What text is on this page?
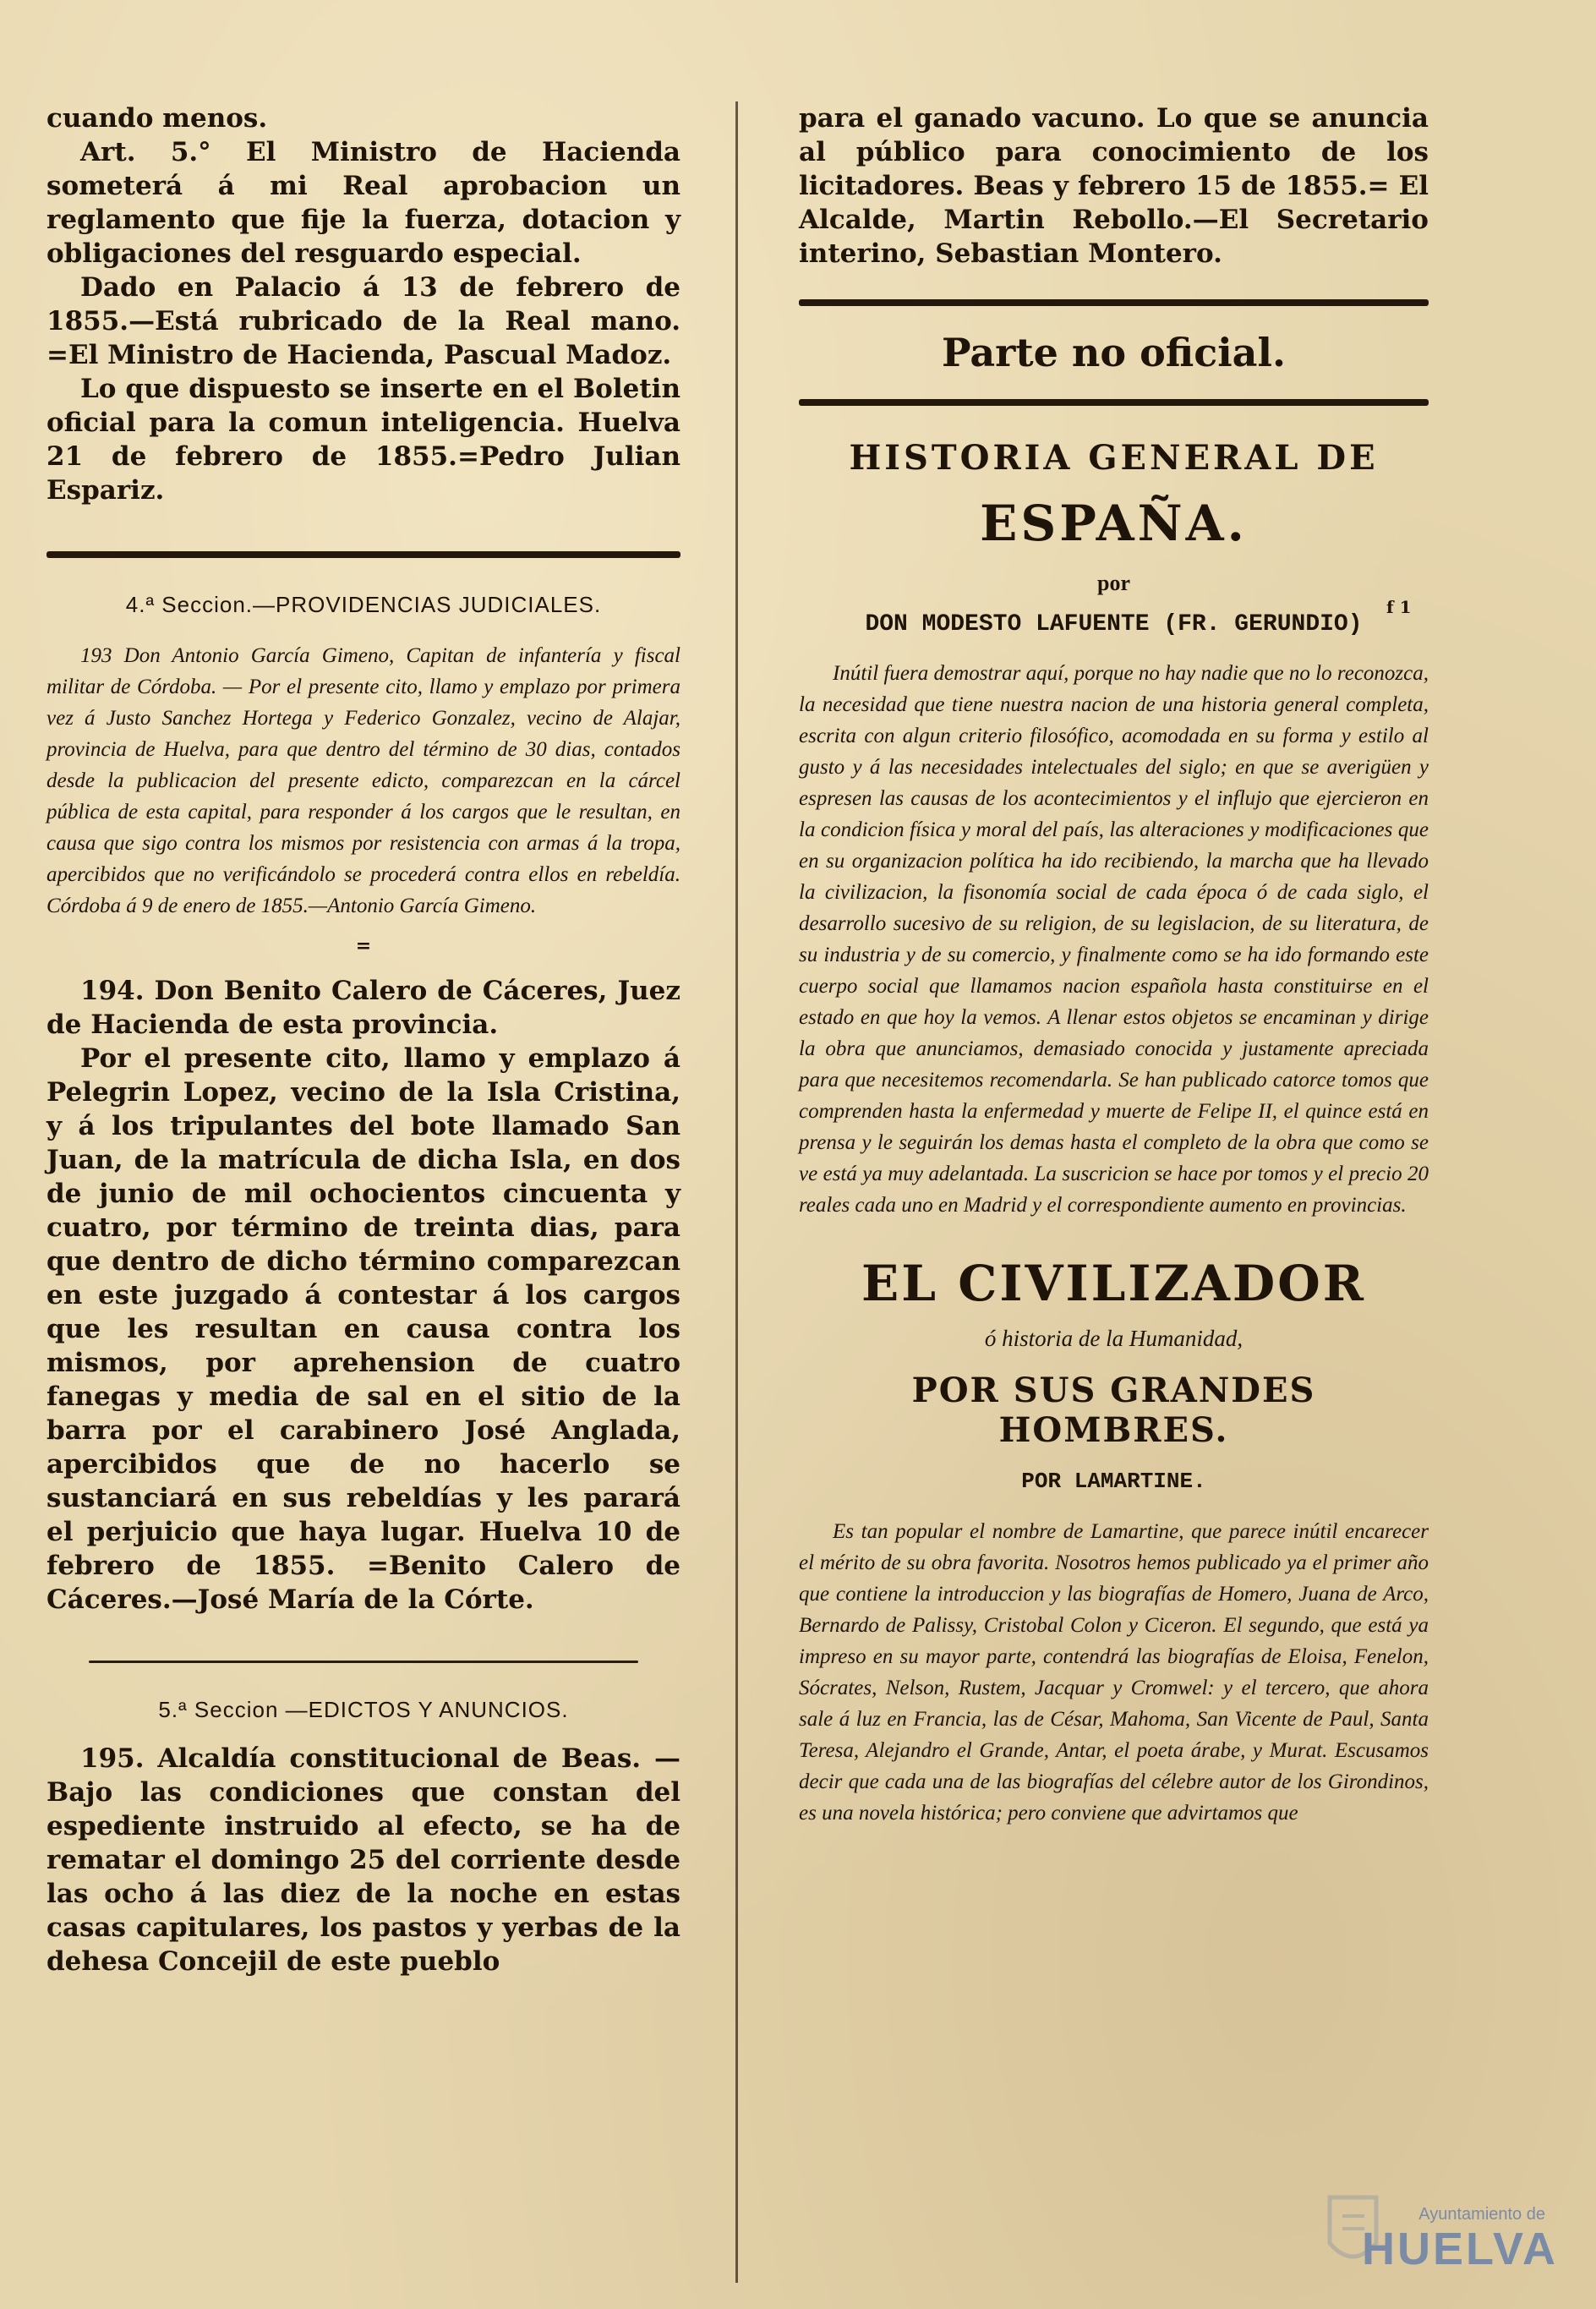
cuando menos.

Art. 5.° El Ministro de Hacienda someterá á mi Real aprobacion un reglamento que fije la fuerza, dotacion y obligaciones del resguardo especial.

Dado en Palacio á 13 de febrero de 1855.—Está rubricado de la Real mano. =El Ministro de Hacienda, Pascual Madoz.

Lo que dispuesto se inserte en el Boletin oficial para la comun inteligencia. Huelva 21 de febrero de 1855.=Pedro Julian Espariz.

4.ª Seccion.—PROVIDENCIAS JUDICIALES.

193 Don Antonio García Gimeno, Capitan de infantería y fiscal militar de Córdoba. — Por el presente cito, llamo y emplazo por primera vez á Justo Sanchez Hortega y Federico Gonzalez, vecino de Alajar, provincia de Huelva, para que dentro del término de 30 dias, contados desde la publicacion del presente edicto, comparezcan en la cárcel pública de esta capital, para responder á los cargos que le resultan, en causa que sigo contra los mismos por resistencia con armas á la tropa, apercibidos que no verificándolo se procederá contra ellos en rebeldía. Córdoba á 9 de enero de 1855.—Antonio García Gimeno.

=

194. Don Benito Calero de Cáceres, Juez de Hacienda de esta provincia.

Por el presente cito, llamo y emplazo á Pelegrin Lopez, vecino de la Isla Cristina, y á los tripulantes del bote llamado San Juan, de la matrícula de dicha Isla, en dos de junio de mil ochocientos cincuenta y cuatro, por término de treinta dias, para que dentro de dicho término comparezcan en este juzgado á contestar á los cargos que les resultan en causa contra los mismos, por aprehension de cuatro fanegas y media de sal en el sitio de la barra por el carabinero José Anglada, apercibidos que de no hacerlo se sustanciará en sus rebeldías y les parará el perjuicio que haya lugar. Huelva 10 de febrero de 1855. =Benito Calero de Cáceres.—José María de la Córte.

5.ª Seccion —EDICTOS Y ANUNCIOS.

195. Alcaldía constitucional de Beas. —Bajo las condiciones que constan del espediente instruido al efecto, se ha de rematar el domingo 25 del corriente desde las ocho á las diez de la noche en estas casas capitulares, los pastos y yerbas de la dehesa Concejil de este pueblo

para el ganado vacuno. Lo que se anuncia al público para conocimiento de los licitadores. Beas y febrero 15 de 1855.= El Alcalde, Martin Rebollo.—El Secretario interino, Sebastian Montero.

Parte no oficial.

HISTORIA GENERAL DE

ESPAÑA.

por

DON MODESTO LAFUENTE (FR. GERUNDIO)

Inútil fuera demostrar aquí, porque no hay nadie que no lo reconozca, la necesidad que tiene nuestra nacion de una historia general completa, escrita con algun criterio filosófico, acomodada en su forma y estilo al gusto y á las necesidades intelectuales del siglo; en que se averigüen y espresen las causas de los acontecimientos y el influjo que ejercieron en la condicion física y moral del país, las alteraciones y modificaciones que en su organizacion política ha ido recibiendo, la marcha que ha llevado la civilizacion, la fisonomía social de cada época ó de cada siglo, el desarrollo sucesivo de su religion, de su legislacion, de su literatura, de su industria y de su comercio, y finalmente como se ha ido formando este cuerpo social que llamamos nacion española hasta constituirse en el estado en que hoy la vemos. A llenar estos objetos se encaminan y dirige la obra que anunciamos, demasiado conocida y justamente apreciada para que necesitemos recomendarla. Se han publicado catorce tomos que comprenden hasta la enfermedad y muerte de Felipe II, el quince está en prensa y le seguirán los demas hasta el completo de la obra que como se ve está ya muy adelantada. La suscricion se hace por tomos y el precio 20 reales cada uno en Madrid y el correspondiente aumento en provincias.

EL CIVILIZADOR

ó historia de la Humanidad,

POR SUS GRANDES HOMBRES.

POR LAMARTINE.

Es tan popular el nombre de Lamartine, que parece inútil encarecer el mérito de su obra favorita. Nosotros hemos publicado ya el primer año que contiene la introduccion y las biografías de Homero, Juana de Arco, Bernardo de Palissy, Cristobal Colon y Ciceron. El segundo, que está ya impreso en su mayor parte, contendrá las biografías de Eloisa, Fenelon, Sócrates, Nelson, Rustem, Jacquar y Cromwel: y el tercero, que ahora sale á luz en Francia, las de César, Mahoma, San Vicente de Paul, Santa Teresa, Alejandro el Grande, Antar, el poeta árabe, y Murat. Escusamos decir que cada una de las biografías del célebre autor de los Girondinos, es una novela histórica; pero conviene que advirtamos que

f 1
Ayuntamiento de
HUELVA
